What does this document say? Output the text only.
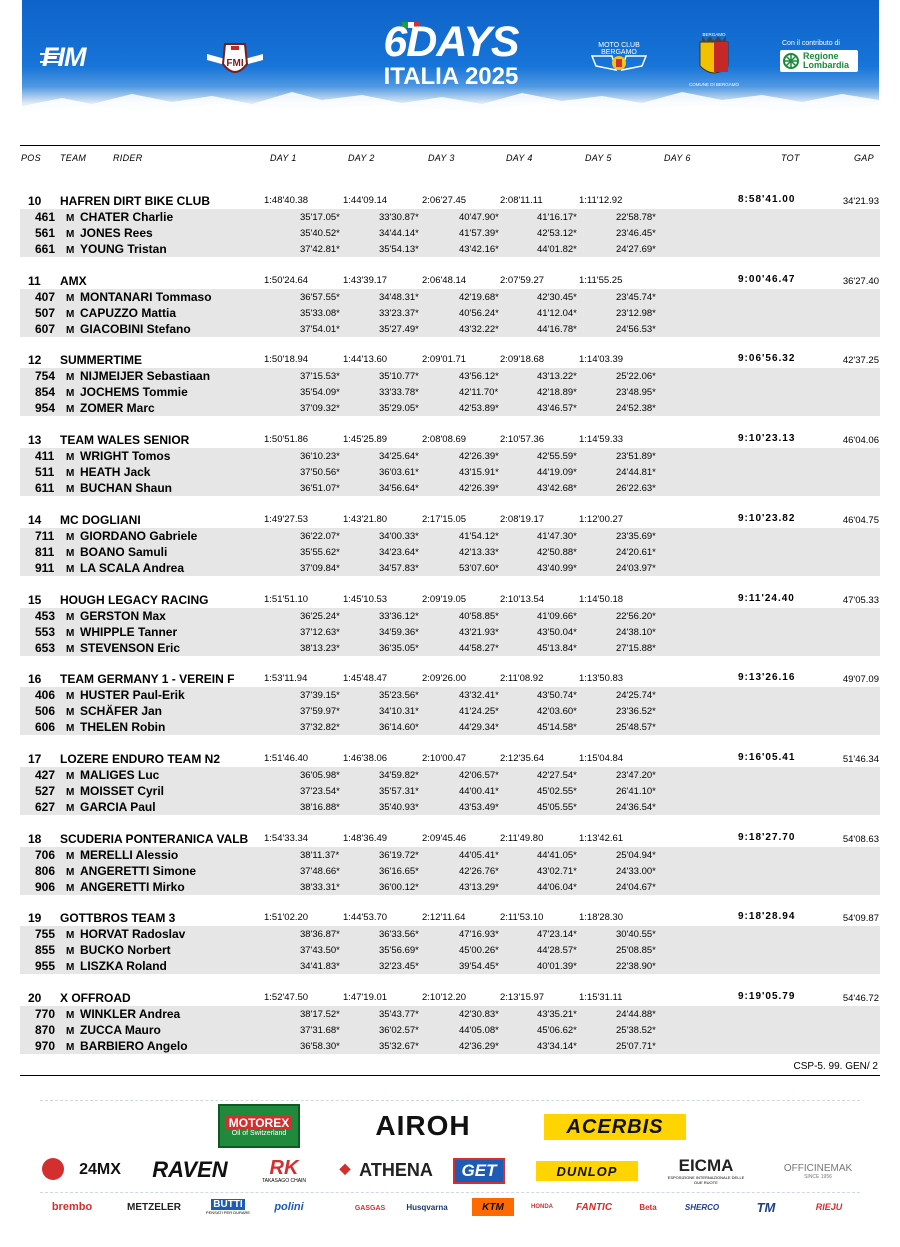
FIM	FMI	6DAYS
ITALIA 2025
MOTO CLUB BERGAMO
COMUNE DI BERGAMO
BERGAMO
Con il contributo di
Regione
Lombardia
POS TEAM	RIDER	DAY 1	DAY 2	DAY 3	DAY 4	DAY 5	DAY 6	TOT	GAP
10 HAFREN DIRT BIKE CLUB	1:48'40.38	1:44'09.14	2:06'27.45	2:08'11.11	1:11'12.92	8:58'41.00	34'21.93
461 M CHATER Charlie	35'17.05*	33'30.87*	40'47.90*	41'16.17*	22'58.78*
561 M JONES Rees	35'40.52*	34'44.14*	41'57.39*	42'53.12*	23'46.45*
661 M YOUNG Tristan	37'42.81*	35'54.13*	43'42.16*	44'01.82*	24'27.69*
11 AMX	1:50'24.64	1:43'39.17	2:06'48.14	2:07'59.27	1:11'55.25	9:00'46.47	36'27.40
407 M MONTANARI Tommaso	36'57.55*	34'48.31*	42'19.68*	42'30.45*	23'45.74*
507 M CAPUZZO Mattia	35'33.08*	33'23.37*	40'56.24*	41'12.04*	23'12.98*
607 M GIACOBINI Stefano	37'54.01*	35'27.49*	43'32.22*	44'16.78*	24'56.53*
12 SUMMERTIME	1:50'18.94	1:44'13.60	2:09'01.71	2:09'18.68	1:14'03.39	9:06'56.32	42'37.25
754 M NIJMEIJER Sebastiaan	37'15.53*	35'10.77*	43'56.12*	43'13.22*	25'22.06*
854 M JOCHEMS Tommie	35'54.09*	33'33.78*	42'11.70*	42'18.89*	23'48.95*
954 M ZOMER Marc	37'09.32*	35'29.05*	42'53.89*	43'46.57*	24'52.38*
13 TEAM WALES SENIOR	1:50'51.86	1:45'25.89	2:08'08.69	2:10'57.36	1:14'59.33	9:10'23.13	46'04.06
411 M WRIGHT Tomos	36'10.23*	34'25.64*	42'26.39*	42'55.59*	23'51.89*
511 M HEATH Jack	37'50.56*	36'03.61*	43'15.91*	44'19.09*	24'44.81*
611 M BUCHAN Shaun	36'51.07*	34'56.64*	42'26.39*	43'42.68*	26'22.63*
14 MC DOGLIANI	1:49'27.53	1:43'21.80	2:17'15.05	2:08'19.17	1:12'00.27	9:10'23.82	46'04.75
711 M GIORDANO Gabriele	36'22.07*	34'00.33*	41'54.12*	41'47.30*	23'35.69*
811 M BOANO Samuli	35'55.62*	34'23.64*	42'13.33*	42'50.88*	24'20.61*
911 M LA SCALA Andrea	37'09.84*	34'57.83*	53'07.60*	43'40.99*	24'03.97*
15 HOUGH LEGACY RACING	1:51'51.10	1:45'10.53	2:09'19.05	2:10'13.54	1:14'50.18	9:11'24.40	47'05.33
453 M GERSTON Max	36'25.24*	33'36.12*	40'58.85*	41'09.66*	22'56.20*
553 M WHIPPLE Tanner	37'12.63*	34'59.36*	43'21.93*	43'50.04*	24'38.10*
653 M STEVENSON Eric	38'13.23*	36'35.05*	44'58.27*	45'13.84*	27'15.88*
16 TEAM GERMANY 1 - VEREIN F	1:53'11.94	1:45'48.47	2:09'26.00	2:11'08.92	1:13'50.83	9:13'26.16	49'07.09
406 M HUSTER Paul-Erik	37'39.15*	35'23.56*	43'32.41*	43'50.74*	24'25.74*
506 M SCHÄFER Jan	37'59.97*	34'10.31*	41'24.25*	42'03.60*	23'36.52*
606 M THELEN Robin	37'32.82*	36'14.60*	44'29.34*	45'14.58*	25'48.57*
17 LOZERE ENDURO TEAM N2	1:51'46.40	1:46'38.06	2:10'00.47	2:12'35.64	1:15'04.84	9:16'05.41	51'46.34
427 M MALIGES Luc	36'05.98*	34'59.82*	42'06.57*	42'27.54*	23'47.20*
527 M MOISSET Cyril	37'23.54*	35'57.31*	44'00.41*	45'02.55*	26'41.10*
627 M GARCIA Paul	38'16.88*	35'40.93*	43'53.49*	45'05.55*	24'36.54*
18 SCUDERIA PONTERANICA VALB 1:54'33.34	1:48'36.49	2:09'45.46	2:11'49.80	1:13'42.61	9:18'27.70	54'08.63
706 M MERELLI Alessio	38'11.37*	36'19.72*	44'05.41*	44'41.05*	25'04.94*
806 M ANGERETTI Simone	37'48.66*	36'16.65*	42'26.76*	43'02.71*	24'33.00*
906 M ANGERETTI Mirko	38'33.31*	36'00.12*	43'13.29*	44'06.04*	24'04.67*
19 GOTTBROS TEAM 3	1:51'02.20	1:44'53.70	2:12'11.64	2:11'53.10	1:18'28.30	9:18'28.94	54'09.87
755 M HORVAT Radoslav	38'36.87*	36'33.56*	47'16.93*	47'23.14*	30'40.55*
855 M BUCKO Norbert	37'43.50*	35'56.69*	45'00.26*	44'28.57*	25'08.85*
955 M LISZKA Roland	34'41.83*	32'23.45*	39'54.45*	40'01.39*	22'38.90*
20 X OFFROAD	1:52'47.50	1:47'19.01	2:10'12.20	2:13'15.97	1:15'31.11	9:19'05.79	54'46.72
770 M WINKLER Andrea	38'17.52*	35'43.77*	42'30.83*	43'35.21*	24'44.88*
870 M ZUCCA Mauro	37'31.68*	36'02.57*	44'05.08*	45'06.62*	25'38.52*
970 M BARBIERO Angelo	36'58.30*	35'32.67*	42'36.29*	43'34.14*	25'07.71*
CSP-5. 99. GEN/ 2
MOTOREX
Oil of Switzerland	AIROH	ACERBIS
24MX	RAVEN RK
TAKASAGO CHAIN
◆ ATHENA	GET	DUNLOP	EICMA
ESPOSIZIONE INTERNAZIONALE DELLE DUE RUOTE
OFFICINEMAK
SINCE 1956
brembo	METZELER	BUTTI
PENSATI PER DURARE	polini	GASGAS	Husqvarna	KTM	HONDA	FANTIC	Beta	SHERCO	TM	RIEJU
